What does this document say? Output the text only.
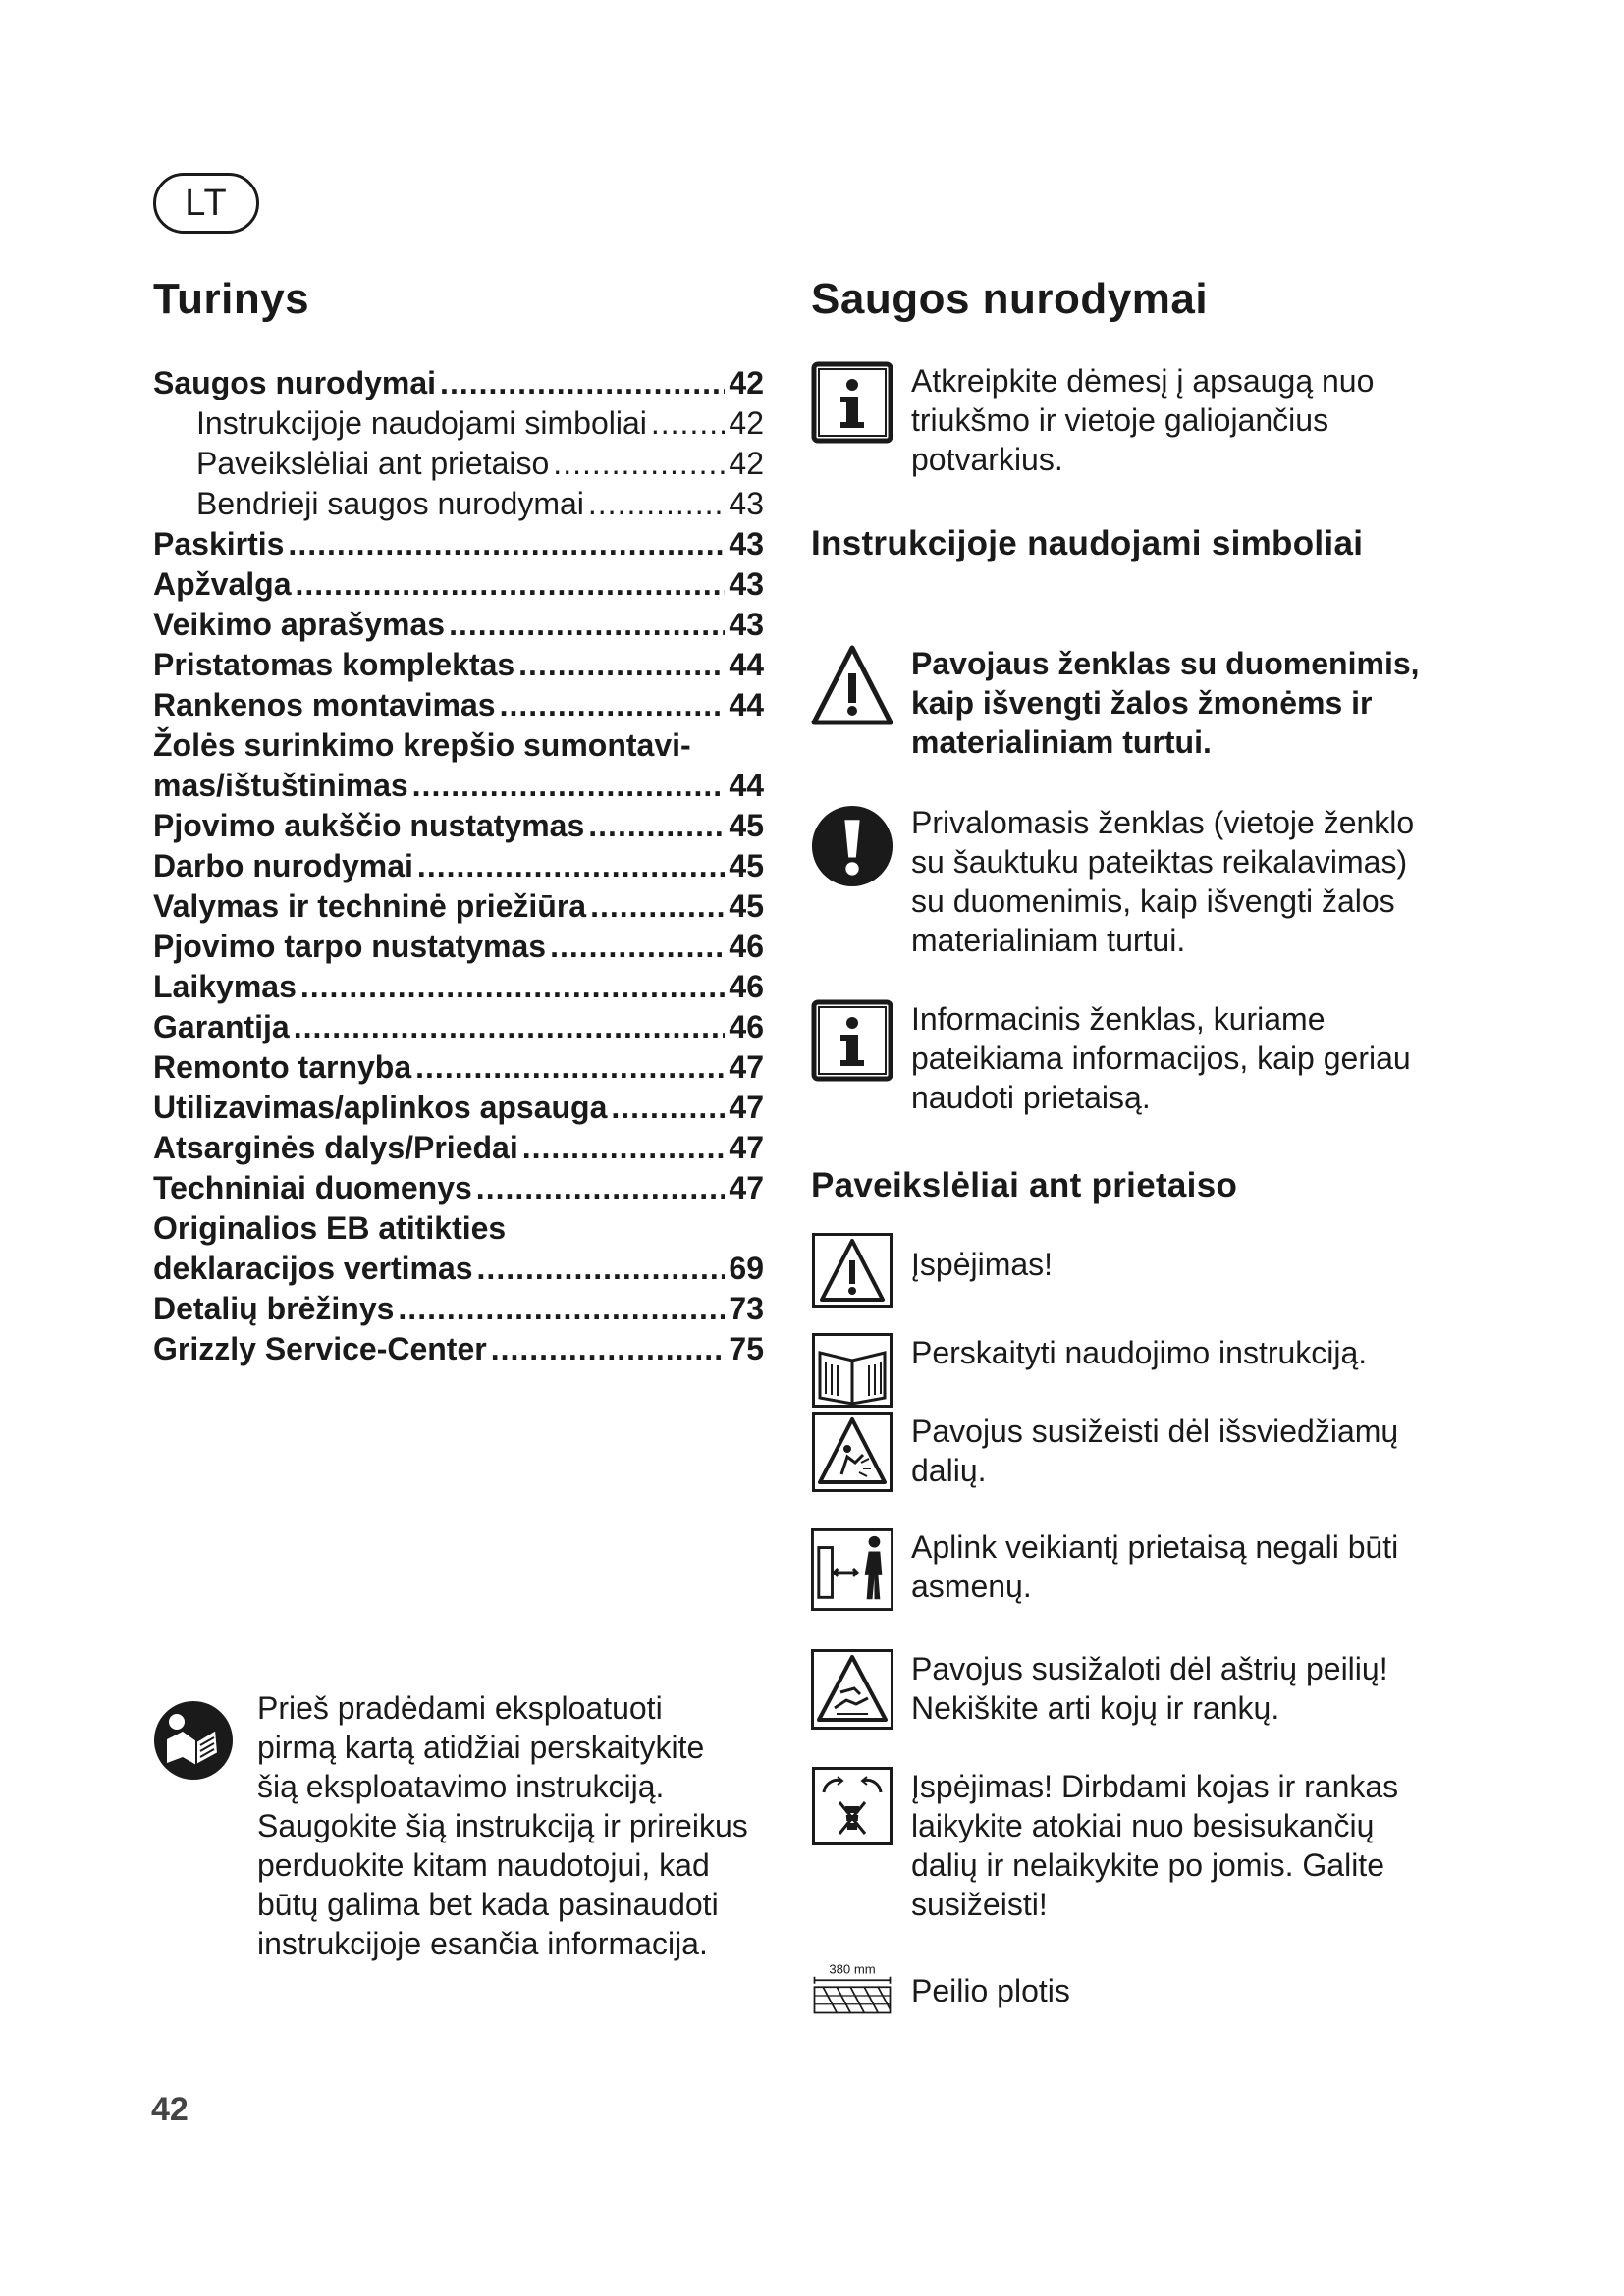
LT
Turinys
Saugos nurodymai .....	42
Instrukcijoje naudojami simboliai .....	42
Paveikslėliai ant prietaiso .....	42
Bendrieji saugos nurodymai .....	43
Paskirtis .....	43
Apžvalga .....	43
Veikimo aprašymas .....	43
Pristatomas komplektas .....	44
Rankenos montavimas .....	44
Žolės surinkimo krepšio sumontavi-
mas/ištuštinimas .....	44
Pjovimo aukščio nustatymas .....	45
Darbo nurodymai .....	45
Valymas ir techninė priežiūra .....	45
Pjovimo tarpo nustatymas .....	46
Laikymas .....	46
Garantija .....	46
Remonto tarnyba .....	47
Utilizavimas/aplinkos apsauga .....	47
Atsarginės dalys/Priedai .....	47
Techniniai duomenys .....	47
Originalios EB atitikties
deklaracijos vertimas .....	69
Detalių brėžinys .....	73
Grizzly Service-Center .....	75

Prieš pradėdami eksploatuoti pirmą kartą atidžiai perskaitykite šią eksploatavimo instrukciją. Saugokite šią instrukciją ir prireikus perduokite kitam naudotojui, kad būtų galima bet kada pasinaudoti instrukcijoje esančia informacija.

42
Saugos nurodymai
Atkreipkite dėmesį į apsaugą nuo triukšmo ir vietoje galiojančius potvarkius.
Instrukcijoje naudojami simboliai
Pavojaus ženklas su duomenimis, kaip išvengti žalos žmonėms ir materialiniam turtui.
Privalomasis ženklas (vietoje ženklo su šauktuku pateiktas reikalavimas) su duomenimis, kaip išvengti žalos materialiniam turtui.
Informacinis ženklas, kuriame pateikiama informacijos, kaip geriau naudoti prietaisą.
Paveikslėliai ant prietaiso
Įspėjimas!
Perskaityti naudojimo instrukciją.
Pavojus susižeisti dėl išsviedžiamų dalių.
Aplink veikiantį prietaisą negali būti asmenų.
Pavojus susižaloti dėl aštrių peilių! Nekiškite arti kojų ir rankų.
Įspėjimas! Dirbdami kojas ir rankas laikykite atokiai nuo besisukančių dalių ir nelaikykite po jomis. Galite susižeisti!
380 mm
Peilio plotis
